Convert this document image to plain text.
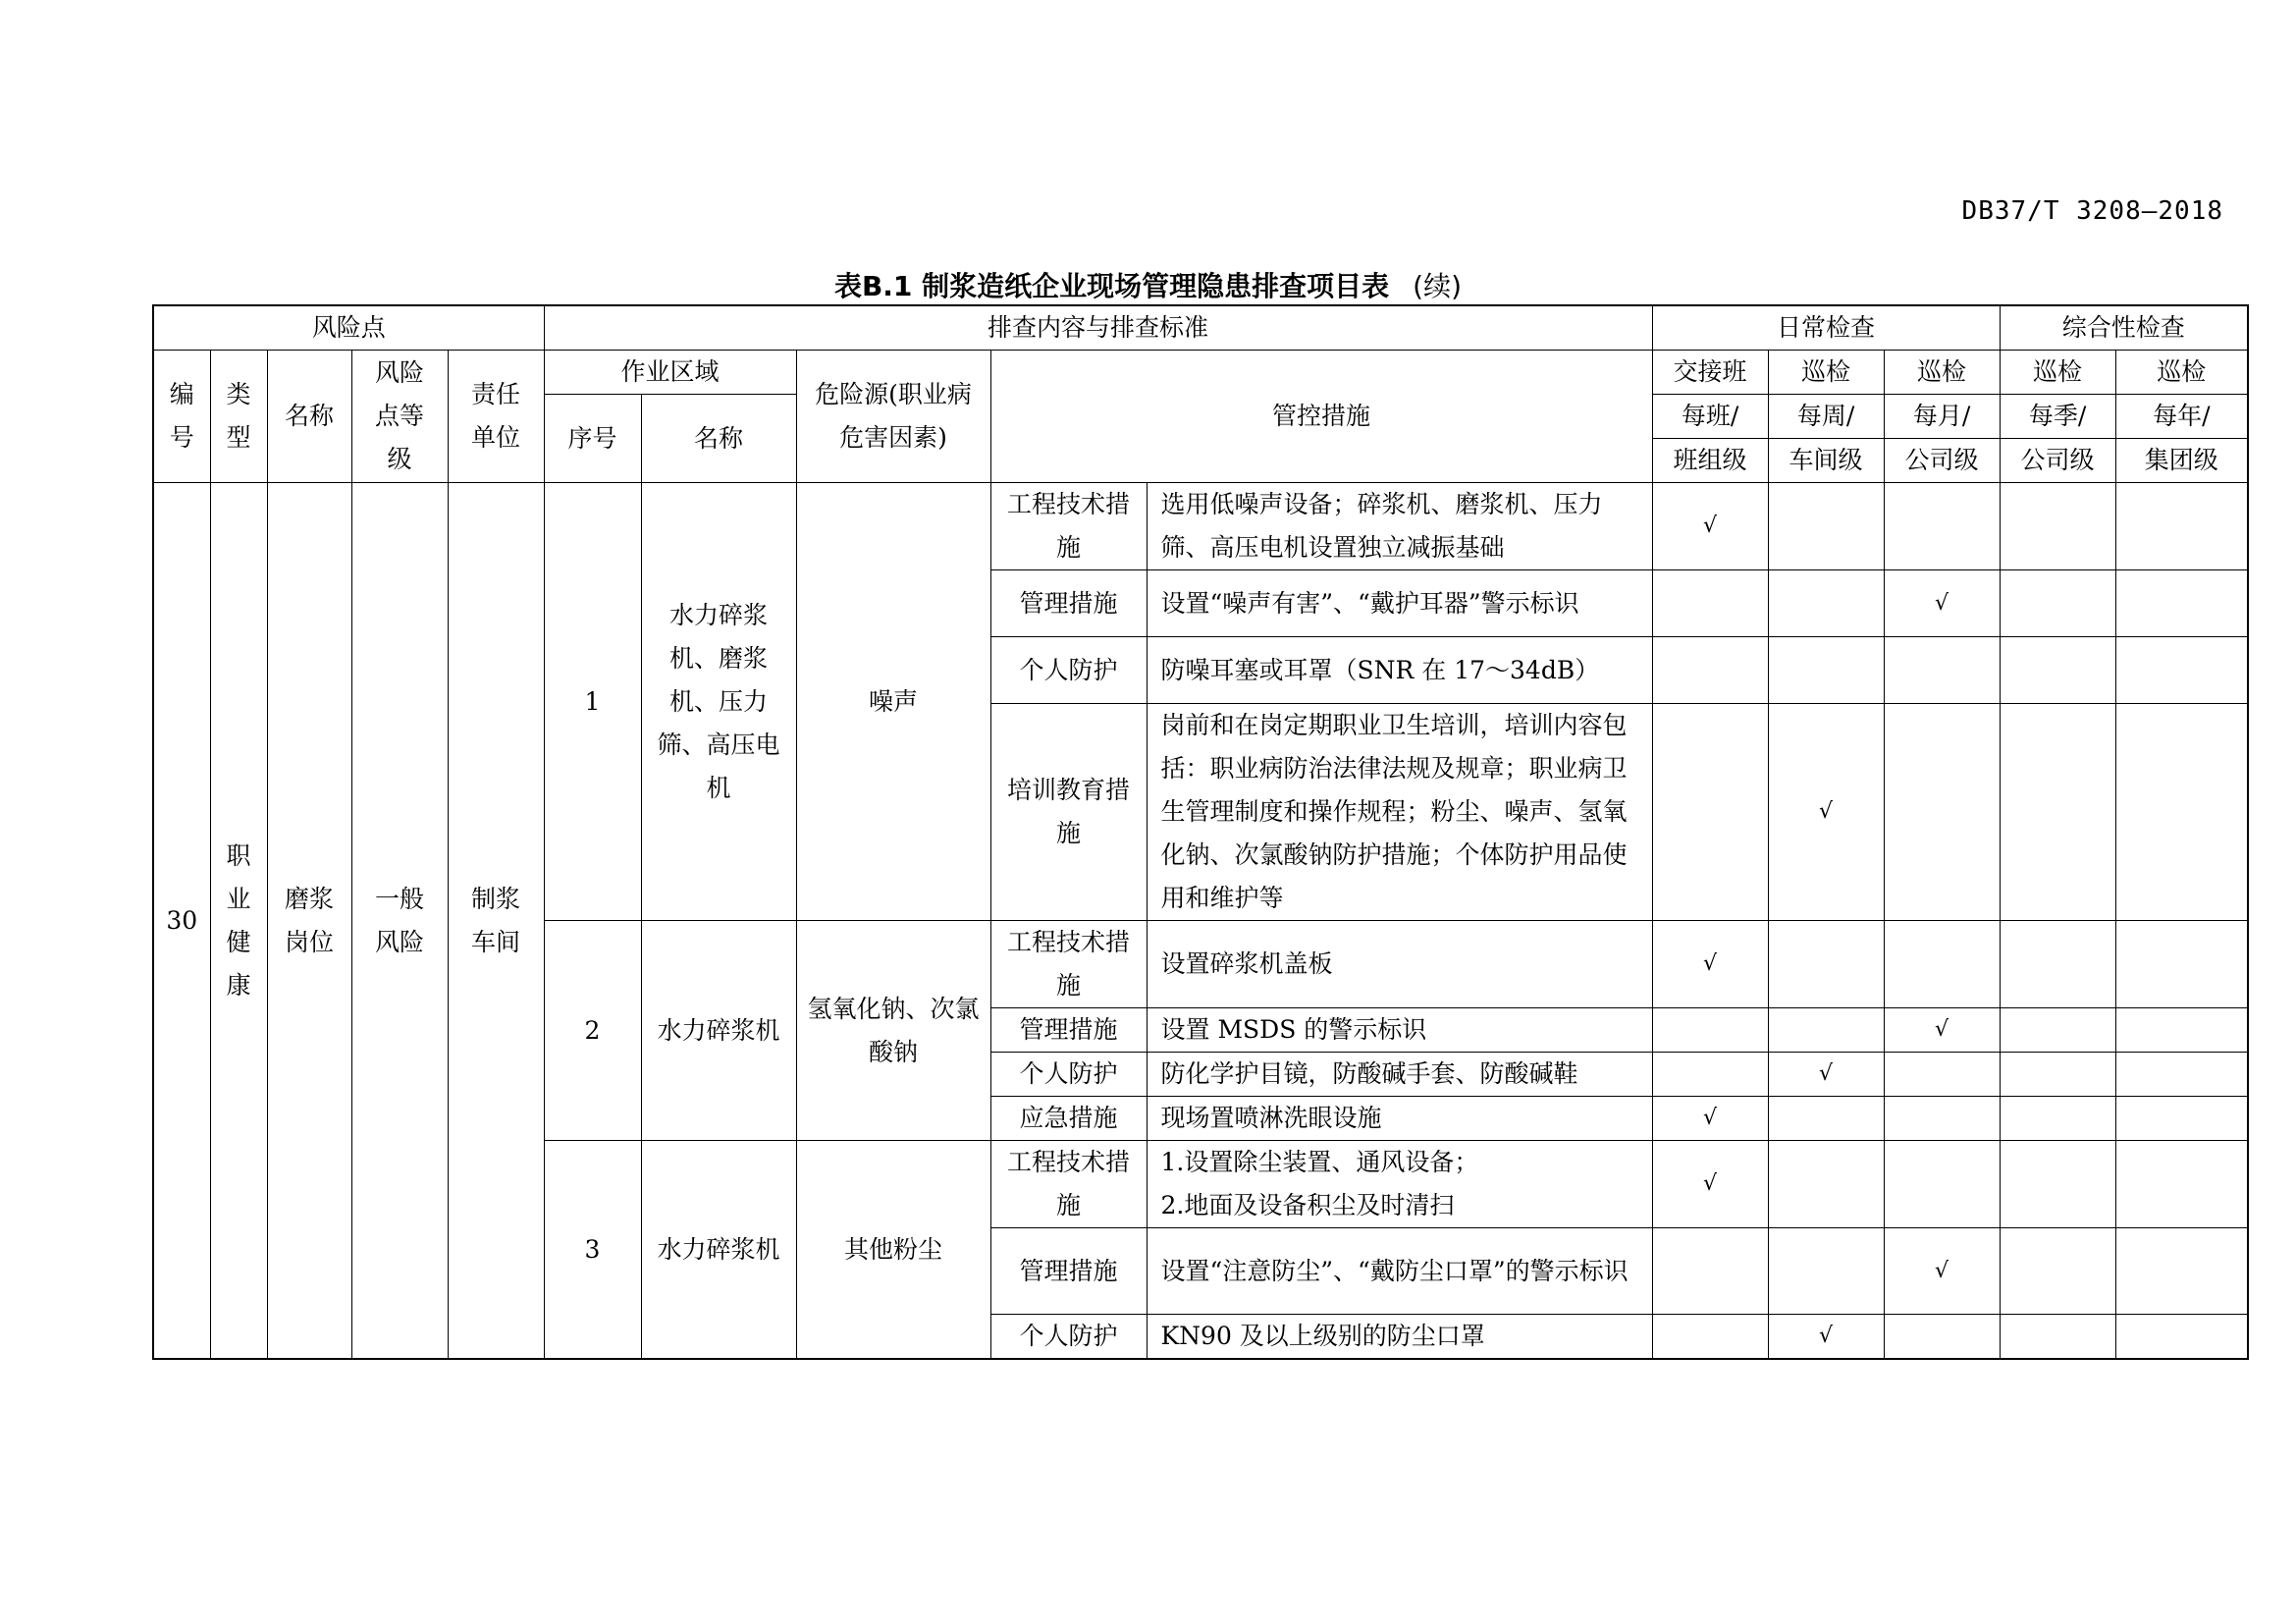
DB37/T 3208—2018
表B.1 制浆造纸企业现场管理隐患排查项目表 (续)
风险点					排查内容与排查标准					日常检查			综合性检查	
编号	类型	名称	风险点等级	责任单位	作业区域		危险源(职业病危害因素)	管控措施		交接班	巡检	巡检	巡检	巡检
					序号	名称				每班/	每周/	每月/	每季/	每年/
										班组级	车间级	公司级	公司级	集团级
30	职业健康	磨浆岗位	一般风险	制浆车间	1	水力碎浆机、磨浆机、压力筛、高压电机	噪声	工程技术措施	选用低噪声设备；碎浆机、磨浆机、压力筛、高压电机设置独立减振基础	√				
								管理措施	设置“噪声有害”、“戴护耳器”警示标识			√		
								个人防护	防噪耳塞或耳罩（SNR 在 17～34dB）					
								培训教育措施	岗前和在岗定期职业卫生培训，培训内容包括：职业病防治法律法规及规章；职业病卫生管理制度和操作规程；粉尘、噪声、氢氧化钠、次氯酸钠防护措施；个体防护用品使用和维护等		√			
					2	水力碎浆机	氢氧化钠、次氯酸钠	工程技术措施	设置碎浆机盖板	√				
								管理措施	设置 MSDS 的警示标识			√		
								个人防护	防化学护目镜，防酸碱手套、防酸碱鞋		√			
								应急措施	现场置喷淋洗眼设施	√				
					3	水力碎浆机	其他粉尘	工程技术措施	1.设置除尘装置、通风设备；
2.地面及设备积尘及时清扫	√				
								管理措施	设置“注意防尘”、“戴防尘口罩”的警示标识			√		
								个人防护	KN90 及以上级别的防尘口罩		√			
